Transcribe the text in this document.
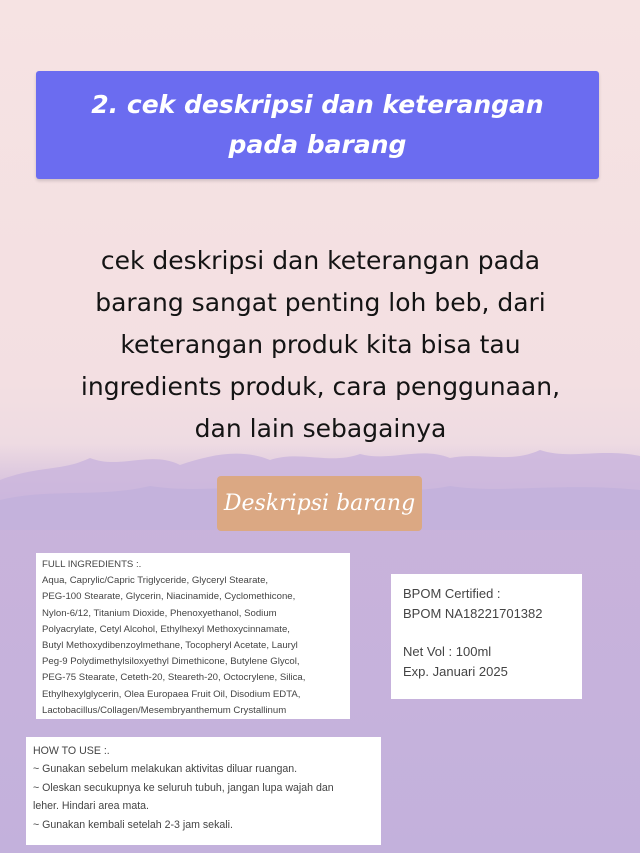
2. cek deskripsi dan keterangan pada barang
cek deskripsi dan keterangan pada
barang sangat penting loh beb, dari
keterangan produk kita bisa tau
ingredients produk, cara penggunaan,
dan lain sebagainya
Deskripsi barang
FULL INGREDIENTS :.
Aqua, Caprylic/Capric Triglyceride, Glyceryl Stearate,
PEG-100 Stearate, Glycerin, Niacinamide, Cyclomethicone,
Nylon-6/12, Titanium Dioxide, Phenoxyethanol, Sodium
Polyacrylate, Cetyl Alcohol, Ethylhexyl Methoxycinnamate,
Butyl Methoxydibenzoylmethane, Tocopheryl Acetate, Lauryl
Peg-9 Polydimethylsiloxyethyl Dimethicone, Butylene Glycol,
PEG-75 Stearate, Ceteth-20, Steareth-20, Octocrylene, Silica,
Ethylhexylglycerin, Olea Europaea Fruit Oil, Disodium EDTA,
Lactobacillus/Collagen/Mesembryanthemum Crystallinum
BPOM Certified :
BPOM NA18221701382
Net Vol : 100ml
Exp. Januari 2025
HOW TO USE :.
~ Gunakan sebelum melakukan aktivitas diluar ruangan.
~ Oleskan secukupnya ke seluruh tubuh, jangan lupa wajah dan
leher. Hindari area mata.
~ Gunakan kembali setelah 2-3 jam sekali.
